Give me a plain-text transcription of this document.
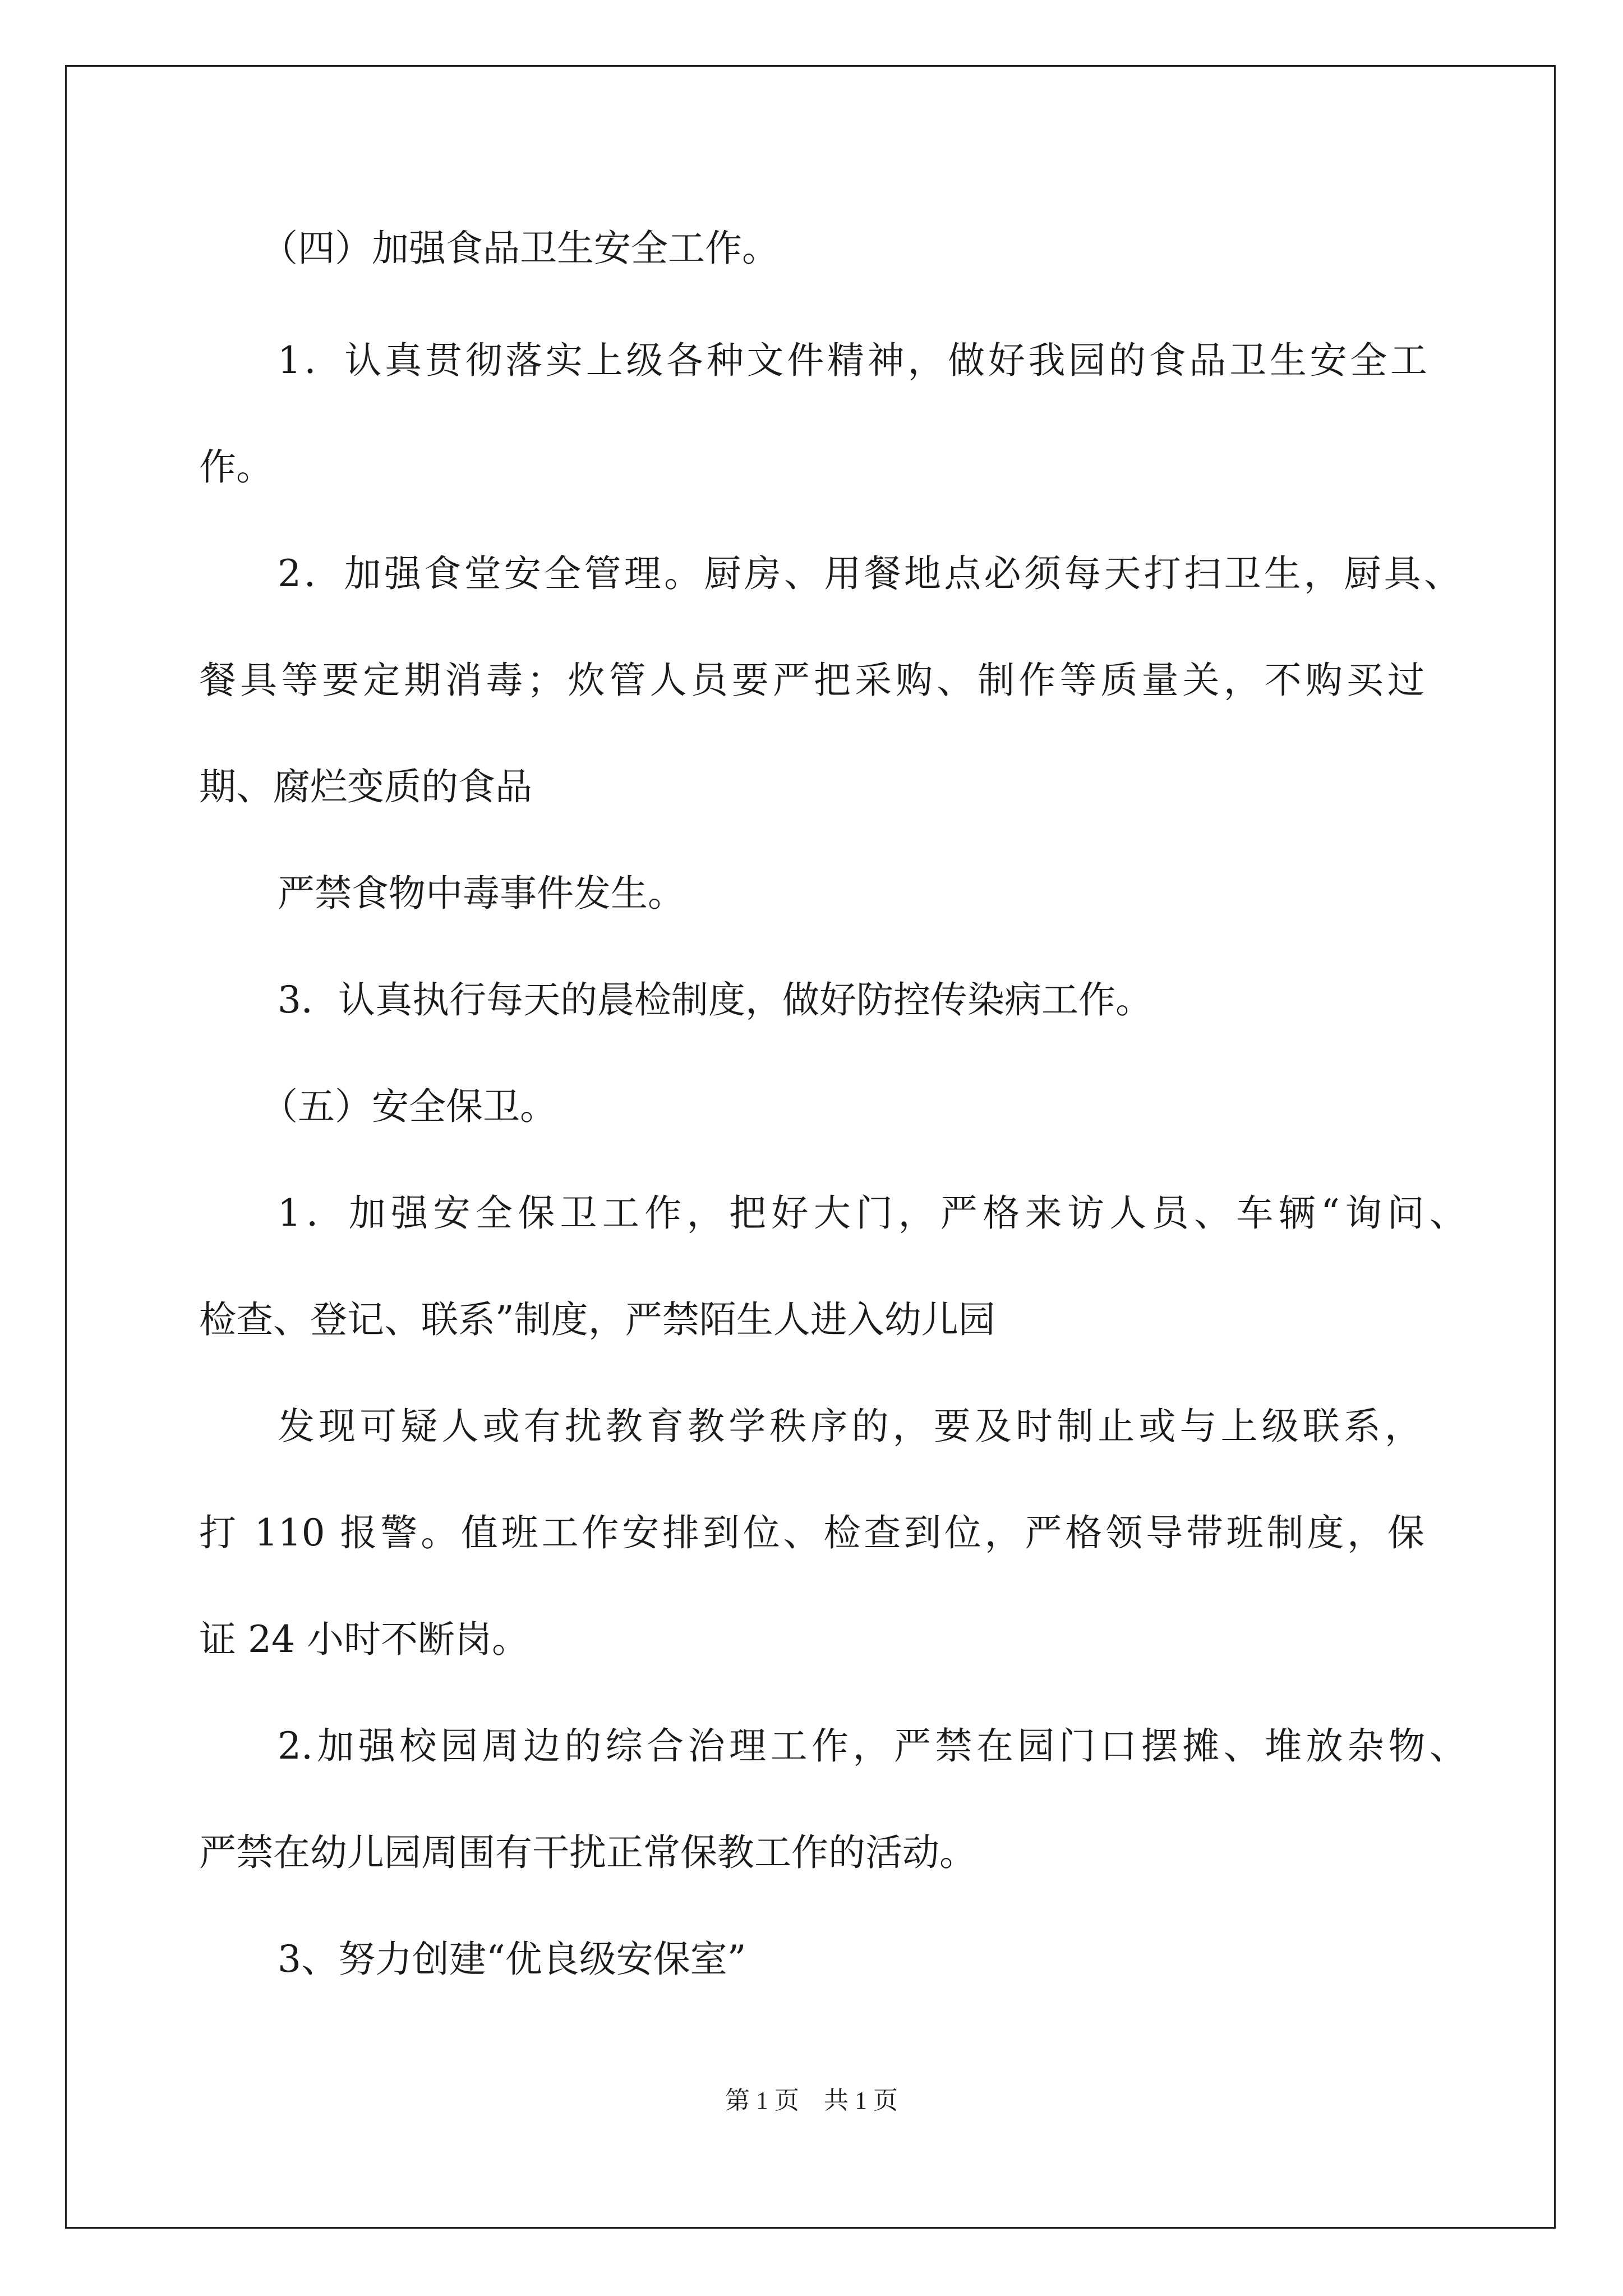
（四）加强食品卫生安全工作。

1．认真贯彻落实上级各种文件精神，做好我园的食品卫生安全工

作。

2．加强食堂安全管理。厨房、用餐地点必须每天打扫卫生，厨具、

餐具等要定期消毒；炊管人员要严把采购、制作等质量关，不购买过

期、腐烂变质的食品

严禁食物中毒事件发生。

3．认真执行每天的晨检制度，做好防控传染病工作。

（五）安全保卫。

1．加强安全保卫工作，把好大门，严格来访人员、车辆“询问、

检查、登记、联系”制度，严禁陌生人进入幼儿园

发现可疑人或有扰教育教学秩序的，要及时制止或与上级联系，

打 110 报警。值班工作安排到位、检查到位，严格领导带班制度，保

证 24 小时不断岗。

2.加强校园周边的综合治理工作，严禁在园门口摆摊、堆放杂物、

严禁在幼儿园周围有干扰正常保教工作的活动。

3、努力创建“优良级安保室”

第 1 页    共 1 页
